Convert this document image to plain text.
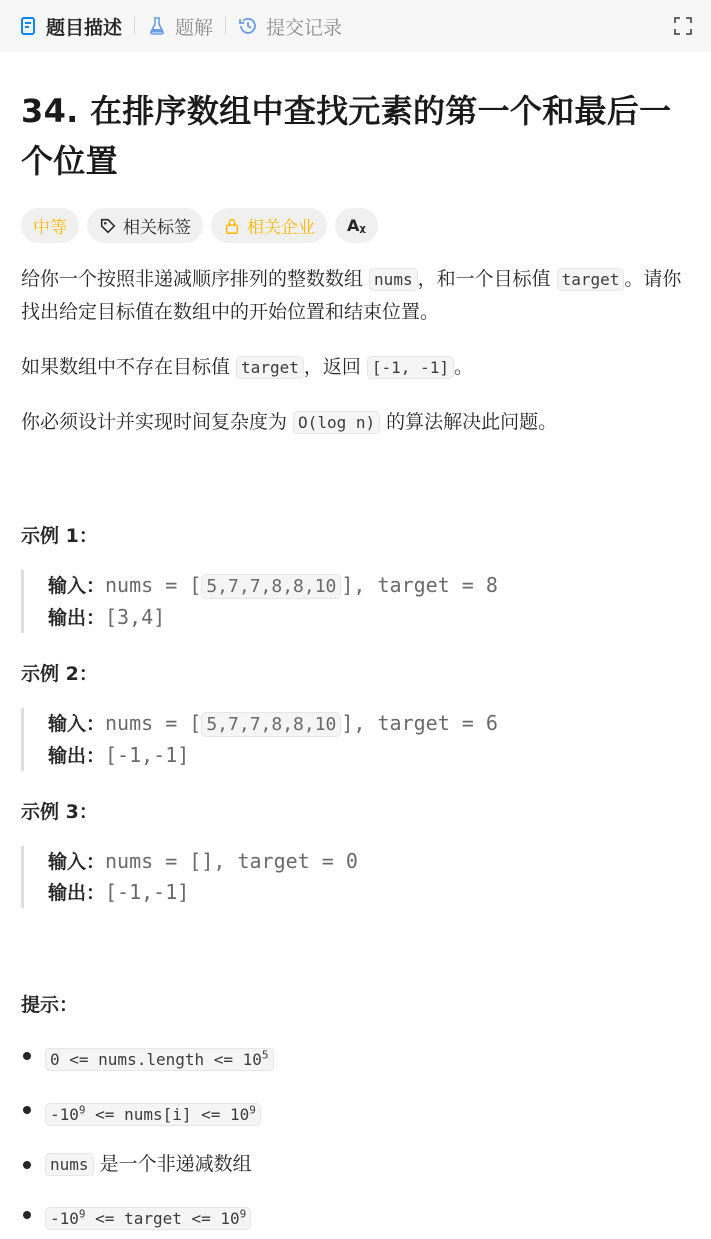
题目描述	题解	提交记录
34. 在排序数组中查找元素的第一个和最后一个位置
中等	相关标签	相关企业 Aᵪ

给你一个按照非递减顺序排列的整数数组 nums ，和一个目标值 target 。请你找出给定目标值在数组中的开始位置和结束位置。

如果数组中不存在目标值 target ，返回 [-1, -1] 。

你必须设计并实现时间复杂度为 O(log n) 的算法解决此问题。

示例 1：
输入：nums = [ 5,7,7,8,8,10 ], target = 8
输出：[3,4]
示例 2：
输入：nums = [ 5,7,7,8,8,10 ], target = 6
输出：[-1,-1]
示例 3：
输入：nums = [], target = 0
输出：[-1,-1]
提示：
0 <= nums.length <= $10^5$
$-10^9$ <= nums[i] <= $10^9$
nums 是一个非递减数组
$-10^9$ <= target <= $10^9$
